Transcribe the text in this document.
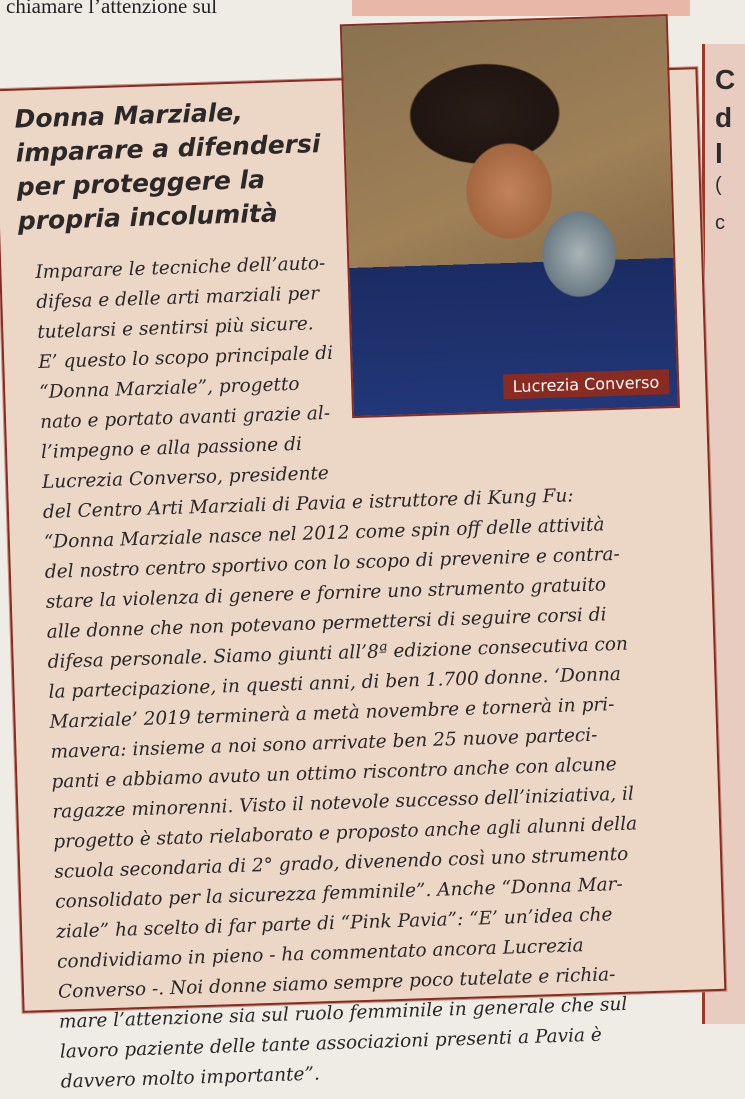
chiamare l’attenzione sul
C
d
l
(
c
Donna Marziale,
imparare a difendersi
per proteggere la
propria incolumità
Lucrezia Converso
Imparare le tecniche dell’auto-
difesa e delle arti marziali per
tutelarsi e sentirsi più sicure.
E’ questo lo scopo principale di
“Donna Marziale”, progetto
nato e portato avanti grazie al-
l’impegno e alla passione di
Lucrezia Converso, presidente
del Centro Arti Marziali di Pavia e istruttore di Kung Fu:
“Donna Marziale nasce nel 2012 come spin off delle attività
del nostro centro sportivo con lo scopo di prevenire e contra-
stare la violenza di genere e fornire uno strumento gratuito
alle donne che non potevano permettersi di seguire corsi di
difesa personale. Siamo giunti all’8ª edizione consecutiva con
la partecipazione, in questi anni, di ben 1.700 donne. ‘Donna
Marziale’ 2019 terminerà a metà novembre e tornerà in pri-
mavera: insieme a noi sono arrivate ben 25 nuove parteci-
panti e abbiamo avuto un ottimo riscontro anche con alcune
ragazze minorenni. Visto il notevole successo dell’iniziativa, il
progetto è stato rielaborato e proposto anche agli alunni della
scuola secondaria di 2° grado, divenendo così uno strumento
consolidato per la sicurezza femminile”. Anche “Donna Mar-
ziale” ha scelto di far parte di “Pink Pavia”: “E’ un’idea che
condividiamo in pieno - ha commentato ancora Lucrezia
Converso -. Noi donne siamo sempre poco tutelate e richia-
mare l’attenzione sia sul ruolo femminile in generale che sul
lavoro paziente delle tante associazioni presenti a Pavia è
davvero molto importante”.
